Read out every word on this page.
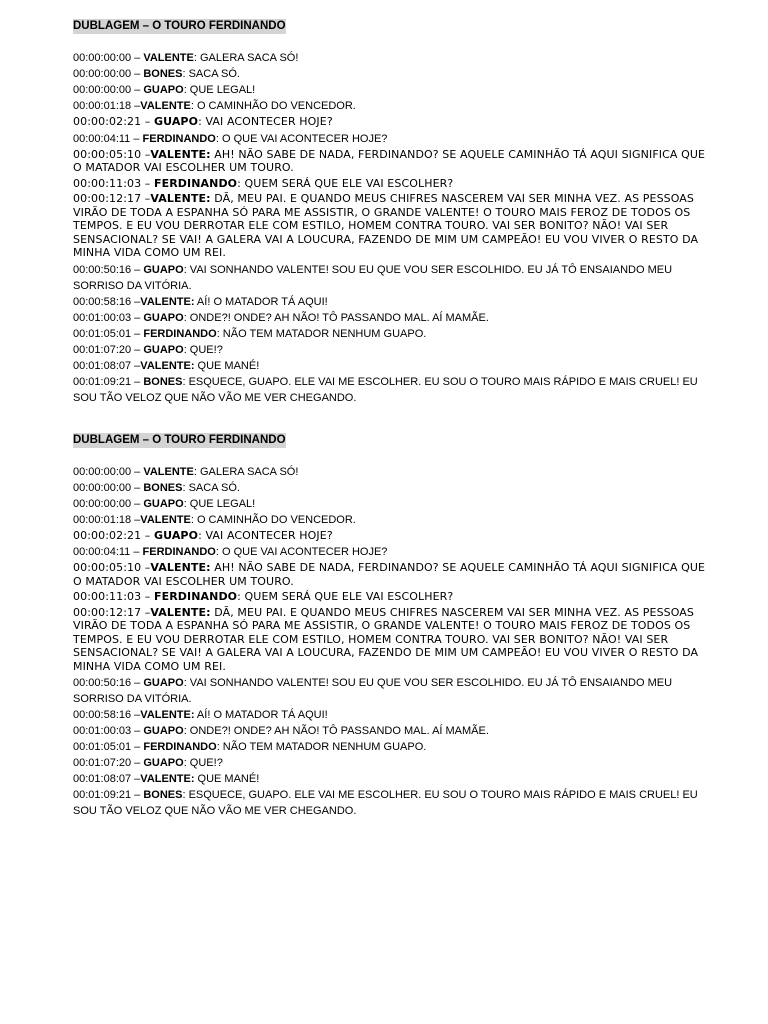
DUBLAGEM – O TOURO FERDINANDO
00:00:00:00 – VALENTE: GALERA SACA SÓ!
00:00:00:00 – BONES: SACA SÓ.
00:00:00:00 – GUAPO: QUE LEGAL!
00:00:01:18 –VALENTE: O CAMINHÃO DO VENCEDOR.
00:00:02:21 – GUAPO: VAI ACONTECER HOJE?
00:00:04:11 – FERDINANDO: O QUE VAI ACONTECER HOJE?
00:00:05:10 –VALENTE: AH! NÃO SABE DE NADA, FERDINANDO? SE AQUELE CAMINHÃO TÁ AQUI SIGNIFICA QUE O MATADOR VAI ESCOLHER UM TOURO.
00:00:11:03 – FERDINANDO: QUEM SERÁ QUE ELE VAI ESCOLHER?
00:00:12:17 –VALENTE: DÃ, MEU PAI. E QUANDO MEUS CHIFRES NASCEREM VAI SER MINHA VEZ. AS PESSOAS VIRÃO DE TODA A ESPANHA SÓ PARA ME ASSISTIR, O GRANDE VALENTE! O TOURO MAIS FEROZ DE TODOS OS TEMPOS. E EU VOU DERROTAR ELE COM ESTILO, HOMEM CONTRA TOURO. VAI SER BONITO? NÃO! VAI SER SENSACIONAL? SE VAI! A GALERA VAI A LOUCURA, FAZENDO DE MIM UM CAMPEÃO! EU VOU VIVER O RESTO DA MINHA VIDA COMO UM REI.
00:00:50:16 – GUAPO: VAI SONHANDO VALENTE! SOU EU QUE VOU SER ESCOLHIDO. EU JÁ TÔ ENSAIANDO MEU SORRISO DA VITÓRIA.
00:00:58:16 –VALENTE: AÍ! O MATADOR TÁ AQUI!
00:01:00:03 – GUAPO: ONDE?! ONDE? AH NÃO! TÔ PASSANDO MAL. AÍ MAMÃE.
00:01:05:01 – FERDINANDO: NÃO TEM MATADOR NENHUM GUAPO.
00:01:07:20 – GUAPO: QUE!?
00:01:08:07 –VALENTE: QUE MANÉ!
00:01:09:21 – BONES: ESQUECE, GUAPO. ELE VAI ME ESCOLHER. EU SOU O TOURO MAIS RÁPIDO E MAIS CRUEL! EU SOU TÃO VELOZ QUE NÃO VÃO ME VER CHEGANDO.
DUBLAGEM – O TOURO FERDINANDO
00:00:00:00 – VALENTE: GALERA SACA SÓ!
00:00:00:00 – BONES: SACA SÓ.
00:00:00:00 – GUAPO: QUE LEGAL!
00:00:01:18 –VALENTE: O CAMINHÃO DO VENCEDOR.
00:00:02:21 – GUAPO: VAI ACONTECER HOJE?
00:00:04:11 – FERDINANDO: O QUE VAI ACONTECER HOJE?
00:00:05:10 –VALENTE: AH! NÃO SABE DE NADA, FERDINANDO? SE AQUELE CAMINHÃO TÁ AQUI SIGNIFICA QUE O MATADOR VAI ESCOLHER UM TOURO.
00:00:11:03 – FERDINANDO: QUEM SERÁ QUE ELE VAI ESCOLHER?
00:00:12:17 –VALENTE: DÃ, MEU PAI. E QUANDO MEUS CHIFRES NASCEREM VAI SER MINHA VEZ. AS PESSOAS VIRÃO DE TODA A ESPANHA SÓ PARA ME ASSISTIR, O GRANDE VALENTE! O TOURO MAIS FEROZ DE TODOS OS TEMPOS. E EU VOU DERROTAR ELE COM ESTILO, HOMEM CONTRA TOURO. VAI SER BONITO? NÃO! VAI SER SENSACIONAL? SE VAI! A GALERA VAI A LOUCURA, FAZENDO DE MIM UM CAMPEÃO! EU VOU VIVER O RESTO DA MINHA VIDA COMO UM REI.
00:00:50:16 – GUAPO: VAI SONHANDO VALENTE! SOU EU QUE VOU SER ESCOLHIDO. EU JÁ TÔ ENSAIANDO MEU SORRISO DA VITÓRIA.
00:00:58:16 –VALENTE: AÍ! O MATADOR TÁ AQUI!
00:01:00:03 – GUAPO: ONDE?! ONDE? AH NÃO! TÔ PASSANDO MAL. AÍ MAMÃE.
00:01:05:01 – FERDINANDO: NÃO TEM MATADOR NENHUM GUAPO.
00:01:07:20 – GUAPO: QUE!?
00:01:08:07 –VALENTE: QUE MANÉ!
00:01:09:21 – BONES: ESQUECE, GUAPO. ELE VAI ME ESCOLHER. EU SOU O TOURO MAIS RÁPIDO E MAIS CRUEL! EU SOU TÃO VELOZ QUE NÃO VÃO ME VER CHEGANDO.
